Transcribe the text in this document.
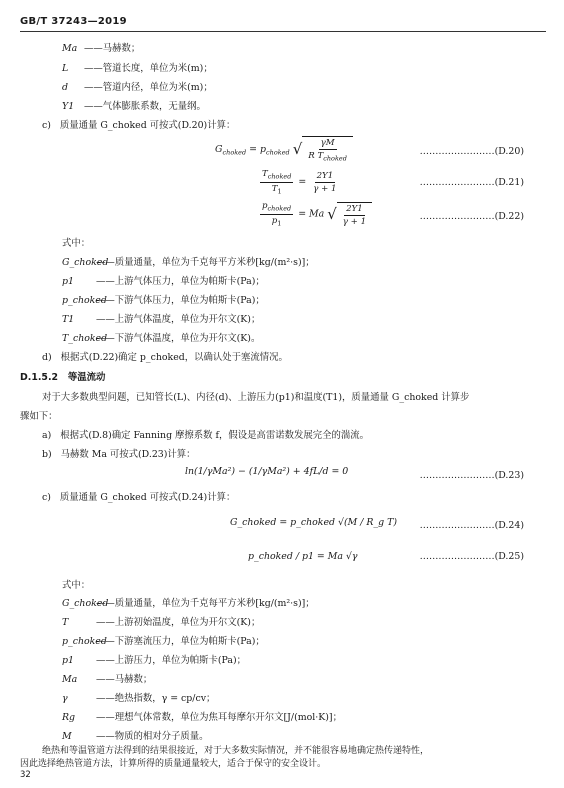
GB/T 37243—2019
Ma ——马赫数；
L ——管道长度，单位为米(m)；
d ——管道内径，单位为米(m)；
Y1 ——气体膨胀系数，无量纲。
c) 质量通量 G_choked 可按式(D.20)计算：
$G_{choked} = p_{choked}$ √ $\frac{\gamma M}{R T_{choked}}$	……………………(D.20)
$\frac{T_{choked}}{T_1} = \frac{2Y1}{\gamma + 1}$	……………………(D.21)
$\frac{p_{choked}}{p_1} = Ma$ √ $\frac{2Y1}{\gamma + 1}$	……………………(D.22)
式中：
G_choked——质量通量，单位为千克每平方米秒[kg/(m²·s)]；
p1 ——上游气体压力，单位为帕斯卡(Pa)；
p_choked——下游气体压力，单位为帕斯卡(Pa)；
T1 ——上游气体温度，单位为开尔文(K)；
T_choked——下游气体温度，单位为开尔文(K)。
d) 根据式(D.22)确定 p_choked，以确认处于塞流情况。
D.1.5.2 等温流动
对于大多数典型问题，已知管长(L)、内径(d)、上游压力(p1)和温度(T1)，质量通量 G_choked 计算步
骤如下：
a) 根据式(D.8)确定 Fanning 摩擦系数 f，假设是高雷诺数发展完全的湍流。
b) 马赫数 Ma 可按式(D.23)计算：
ln(1/γMa²) − (1/γMa²) + 4fL/d = 0	……………………(D.23)
c) 质量通量 G_choked 可按式(D.24)计算：
G_choked = p_choked √(M / R_g T) ……………………(D.24)
p_choked / p1 = Ma √γ	……………………(D.25)
式中：
G_choked——质量通量，单位为千克每平方米秒[kg/(m²·s)]；
T	——上游初始温度，单位为开尔文(K)；
p_choked——下游塞流压力，单位为帕斯卡(Pa)；
p1 ——上游压力，单位为帕斯卡(Pa)；
Ma ——马赫数；
γ	——绝热指数，γ = cp/cv；
Rg ——理想气体常数，单位为焦耳每摩尔开尔文[J/(mol·K)]；
M	——物质的相对分子质量。
绝热和等温管道方法得到的结果很接近，对于大多数实际情况，并不能很容易地确定热传递特性，
因此选择绝热管道方法，计算所得的质量通量较大，适合于保守的安全设计。
32
